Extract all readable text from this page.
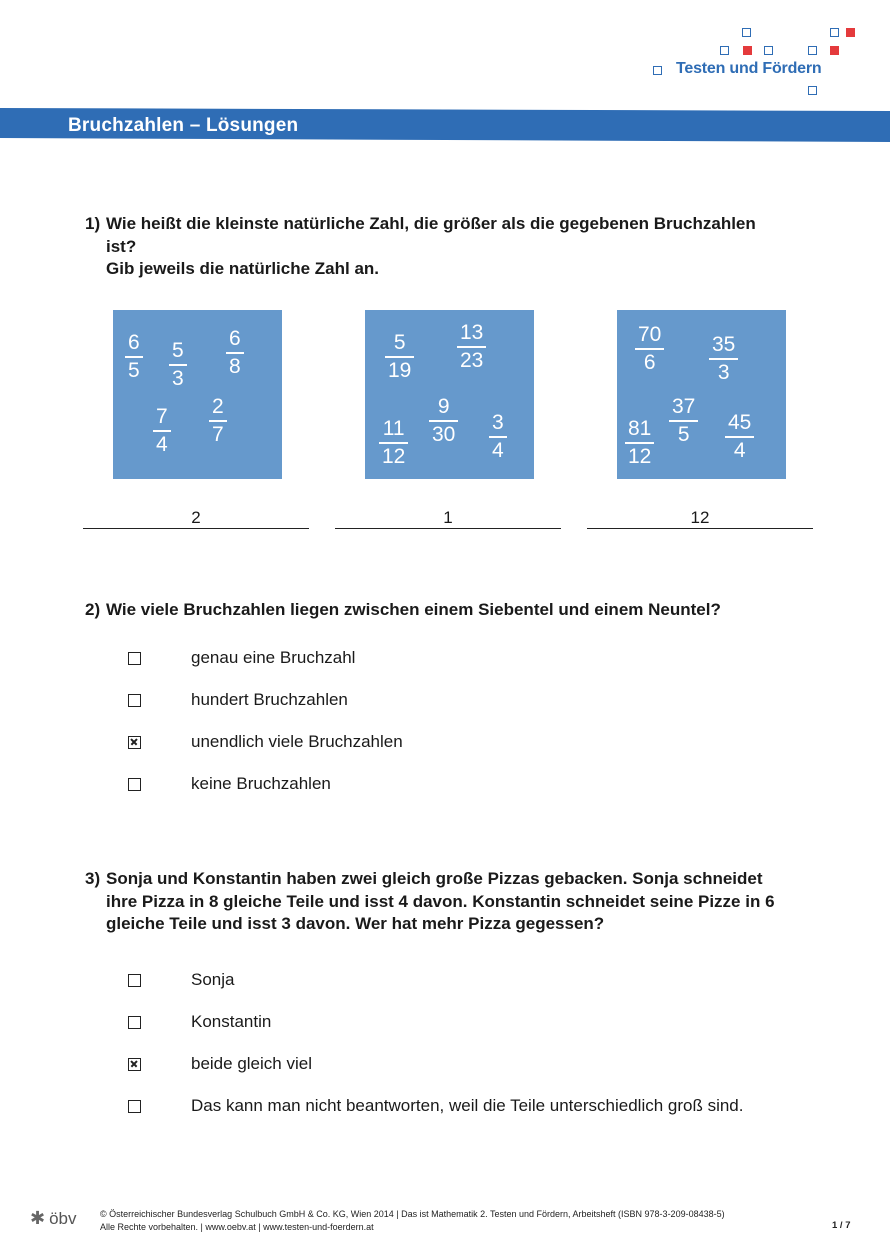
Testen und Fördern
Bruchzahlen – Lösungen
1) Wie heißt die kleinste natürliche Zahl, die größer als die gegebenen Bruchzahlen
ist?
Gib jeweils die natürliche Zahl an.
6
5
5
3
6
8
7
4
2
7
5
19
13
23
9
30
11
12
3
4
70
6
35
3
37
5
81
12
45
4
2	1	12
2) Wie viele Bruchzahlen liegen zwischen einem Siebentel und einem Neuntel?
genau eine Bruchzahl
hundert Bruchzahlen
unendlich viele Bruchzahlen
keine Bruchzahlen
3) Sonja und Konstantin haben zwei gleich große Pizzas gebacken. Sonja schneidet
ihre Pizza in 8 gleiche Teile und isst 4 davon. Konstantin schneidet seine Pizze in 6
gleiche Teile und isst 3 davon. Wer hat mehr Pizza gegessen?
Sonja
Konstantin
beide gleich viel
Das kann man nicht beantworten, weil die Teile unterschiedlich groß sind.
✱ öbv	© Österreichischer Bundesverlag Schulbuch GmbH & Co. KG, Wien 2014 | Das ist Mathematik 2. Testen und Fördern, Arbeitsheft (ISBN 978-3-209-08438-5)
Alle Rechte vorbehalten. | www.oebv.at | www.testen-und-foerdern.at	1 / 7
